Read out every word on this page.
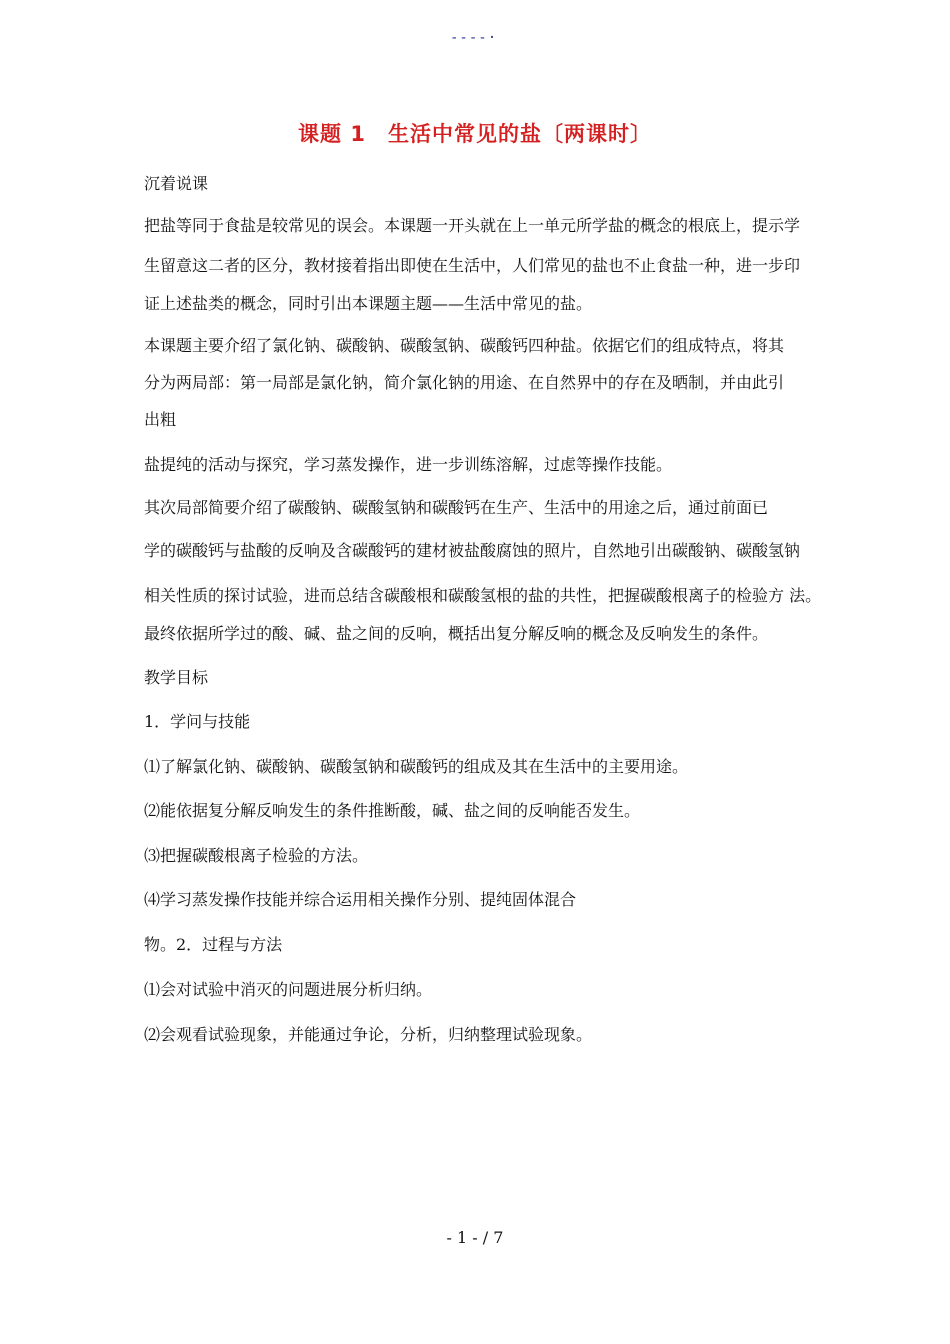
----·
课题 1　生活中常见的盐〔两课时〕
沉着说课
把盐等同于食盐是较常见的误会。本课题一开头就在上一单元所学盐的概念的根底上，提示学
生留意这二者的区分，教材接着指出即使在生活中，人们常见的盐也不止食盐一种，进一步印
证上述盐类的概念，同时引出本课题主题——生活中常见的盐。
本课题主要介绍了氯化钠、碳酸钠、碳酸氢钠、碳酸钙四种盐。依据它们的组成特点，将其
分为两局部：第一局部是氯化钠，简介氯化钠的用途、在自然界中的存在及晒制，并由此引
出粗
盐提纯的活动与探究，学习蒸发操作，进一步训练溶解，过虑等操作技能。
其次局部简要介绍了碳酸钠、碳酸氢钠和碳酸钙在生产、生活中的用途之后，通过前面已
学的碳酸钙与盐酸的反响及含碳酸钙的建材被盐酸腐蚀的照片，自然地引出碳酸钠、碳酸氢钠
相关性质的探讨试验，进而总结含碳酸根和碳酸氢根的盐的共性，把握碳酸根离子的检验方 法。
最终依据所学过的酸、碱、盐之间的反响，概括出复分解反响的概念及反响发生的条件。
教学目标
1．学问与技能
⑴了解氯化钠、碳酸钠、碳酸氢钠和碳酸钙的组成及其在生活中的主要用途。
⑵能依据复分解反响发生的条件推断酸，碱、盐之间的反响能否发生。
⑶把握碳酸根离子检验的方法。
⑷学习蒸发操作技能并综合运用相关操作分别、提纯固体混合
物。2．过程与方法
⑴会对试验中消灭的问题进展分析归纳。
⑵会观看试验现象，并能通过争论，分析，归纳整理试验现象。
- 1 - / 7
